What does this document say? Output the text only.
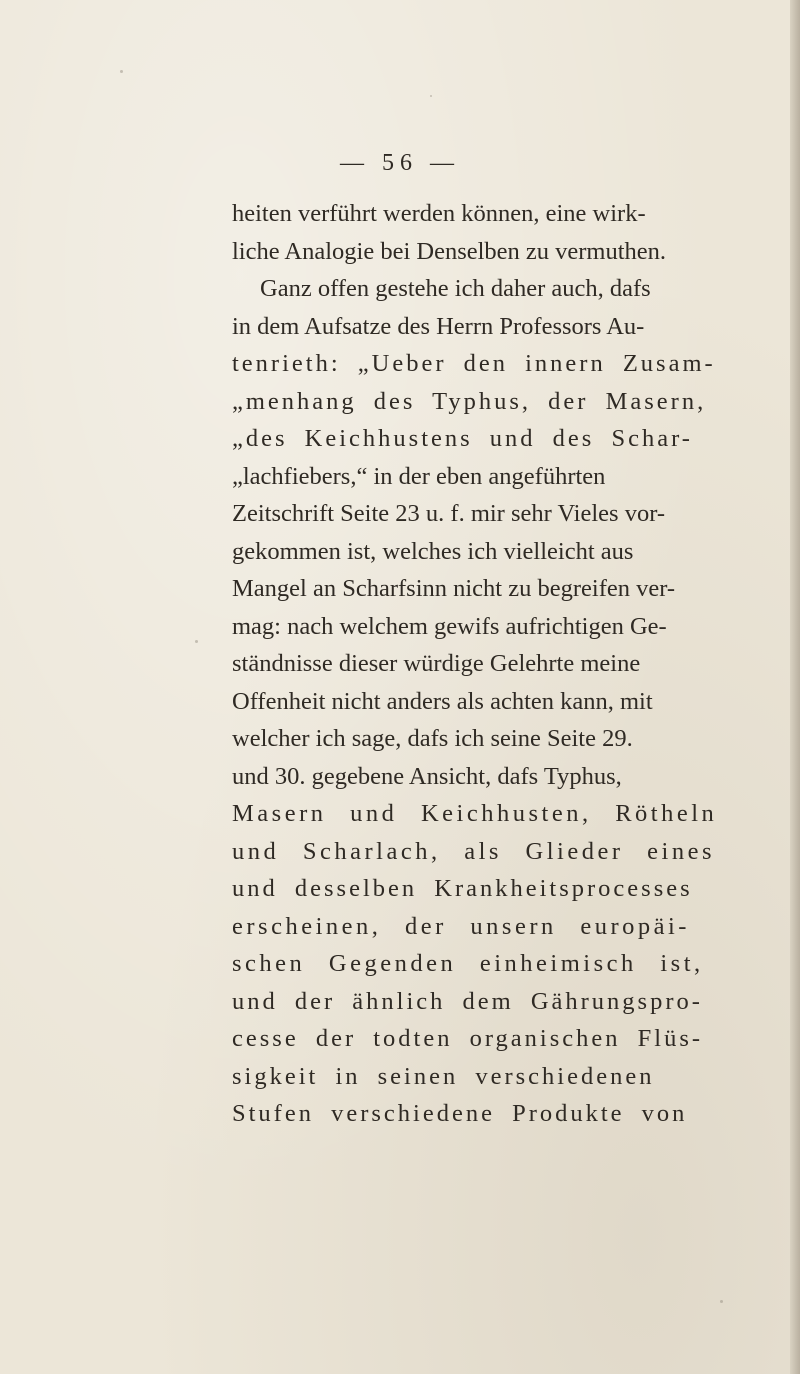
— 56 —
heiten verführt werden können, eine wirk-
liche Analogie bei Denselben zu vermuthen.
Ganz offen gestehe ich daher auch, dafs
in dem Aufsatze des Herrn Professors Au-
tenrieth: „Ueber den innern Zusam-
„menhang des Typhus, der Masern,
„des Keichhustens und des Schar-
„lachfiebers,“ in der eben angeführten
Zeitschrift Seite 23 u. f. mir sehr Vieles vor-
gekommen ist, welches ich vielleicht aus
Mangel an Scharfsinn nicht zu begreifen ver-
mag: nach welchem gewifs aufrichtigen Ge-
ständnisse dieser würdige Gelehrte meine
Offenheit nicht anders als achten kann, mit
welcher ich sage, dafs ich seine Seite 29.
und 30. gegebene Ansicht, dafs Typhus,
Masern und Keichhusten, Rötheln
und Scharlach, als Glieder eines
und desselben Krankheitsprocesses
erscheinen, der unsern europäi-
schen Gegenden einheimisch ist,
und der ähnlich dem Gährungspro-
cesse der todten organischen Flüs-
sigkeit in seinen verschiedenen
Stufen verschiedene Produkte von
